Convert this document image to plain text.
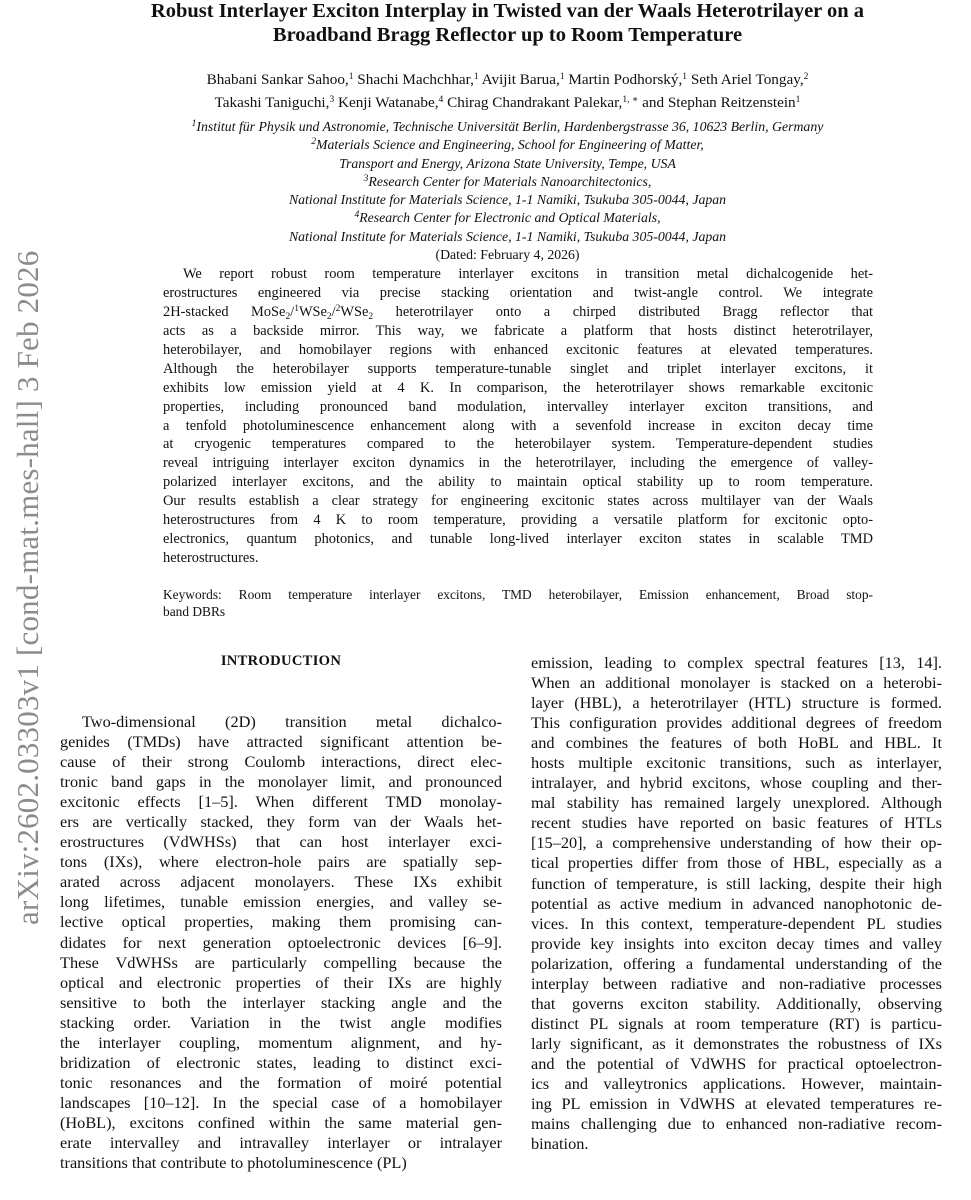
arXiv:2602.03303v1 [cond-mat.mes-hall] 3 Feb 2026
Robust Interlayer Exciton Interplay in Twisted van der Waals Heterotrilayer on a
Broadband Bragg Reflector up to Room Temperature
Bhabani Sankar Sahoo,$^1$ Shachi Machchhar,$^1$ Avijit Barua,$^1$ Martin Podhorský,$^1$ Seth Ariel Tongay,$^2$
Takashi Taniguchi,$^3$ Kenji Watanabe,$^4$ Chirag Chandrakant Palekar,$^{1, ∗}$ and Stephan Reitzenstein$^1$
$^1$Institut für Physik und Astronomie, Technische Universität Berlin, Hardenbergstrasse 36, 10623 Berlin, Germany
$^2$Materials Science and Engineering, School for Engineering of Matter,
Transport and Energy, Arizona State University, Tempe, USA
$^3$Research Center for Materials Nanoarchitectonics,
National Institute for Materials Science, 1-1 Namiki, Tsukuba 305-0044, Japan
$^4$Research Center for Electronic and Optical Materials,
National Institute for Materials Science, 1-1 Namiki, Tsukuba 305-0044, Japan
(Dated: February 4, 2026)
We report robust room temperature interlayer excitons in transition metal dichalcogenide het-
erostructures engineered via precise stacking orientation and twist-angle control. We integrate
2H-stacked MoSe$_2$/$^1$WSe$_2$/$^2$WSe$_2$ heterotrilayer onto a chirped distributed Bragg reflector that
acts as a backside mirror. This way, we fabricate a platform that hosts distinct heterotrilayer,
heterobilayer, and homobilayer regions with enhanced excitonic features at elevated temperatures.
Although the heterobilayer supports temperature-tunable singlet and triplet interlayer excitons, it
exhibits low emission yield at 4 K. In comparison, the heterotrilayer shows remarkable excitonic
properties, including pronounced band modulation, intervalley interlayer exciton transitions, and
a tenfold photoluminescence enhancement along with a sevenfold increase in exciton decay time
at cryogenic temperatures compared to the heterobilayer system. Temperature-dependent studies
reveal intriguing interlayer exciton dynamics in the heterotrilayer, including the emergence of valley-
polarized interlayer excitons, and the ability to maintain optical stability up to room temperature.
Our results establish a clear strategy for engineering excitonic states across multilayer van der Waals
heterostructures from 4 K to room temperature, providing a versatile platform for excitonic opto-
electronics, quantum photonics, and tunable long-lived interlayer exciton states in scalable TMD
heterostructures.
Keywords: Room temperature interlayer excitons, TMD heterobilayer, Emission enhancement, Broad stop-
band DBRs
INTRODUCTION
Two-dimensional (2D) transition metal dichalco-
genides (TMDs) have attracted significant attention be-
cause of their strong Coulomb interactions, direct elec-
tronic band gaps in the monolayer limit, and pronounced
excitonic effects [1–5]. When different TMD monolay-
ers are vertically stacked, they form van der Waals het-
erostructures (VdWHSs) that can host interlayer exci-
tons (IXs), where electron-hole pairs are spatially sep-
arated across adjacent monolayers. These IXs exhibit
long lifetimes, tunable emission energies, and valley se-
lective optical properties, making them promising can-
didates for next generation optoelectronic devices [6–9].
These VdWHSs are particularly compelling because the
optical and electronic properties of their IXs are highly
sensitive to both the interlayer stacking angle and the
stacking order. Variation in the twist angle modifies
the interlayer coupling, momentum alignment, and hy-
bridization of electronic states, leading to distinct exci-
tonic resonances and the formation of moiré potential
landscapes [10–12]. In the special case of a homobilayer
(HoBL), excitons confined within the same material gen-
erate intervalley and intravalley interlayer or intralayer
transitions that contribute to photoluminescence (PL)
emission, leading to complex spectral features [13, 14].
When an additional monolayer is stacked on a heterobi-
layer (HBL), a heterotrilayer (HTL) structure is formed.
This configuration provides additional degrees of freedom
and combines the features of both HoBL and HBL. It
hosts multiple excitonic transitions, such as interlayer,
intralayer, and hybrid excitons, whose coupling and ther-
mal stability has remained largely unexplored. Although
recent studies have reported on basic features of HTLs
[15–20], a comprehensive understanding of how their op-
tical properties differ from those of HBL, especially as a
function of temperature, is still lacking, despite their high
potential as active medium in advanced nanophotonic de-
vices. In this context, temperature-dependent PL studies
provide key insights into exciton decay times and valley
polarization, offering a fundamental understanding of the
interplay between radiative and non-radiative processes
that governs exciton stability. Additionally, observing
distinct PL signals at room temperature (RT) is particu-
larly significant, as it demonstrates the robustness of IXs
and the potential of VdWHS for practical optoelectron-
ics and valleytronics applications. However, maintain-
ing PL emission in VdWHS at elevated temperatures re-
mains challenging due to enhanced non-radiative recom-
bination.
